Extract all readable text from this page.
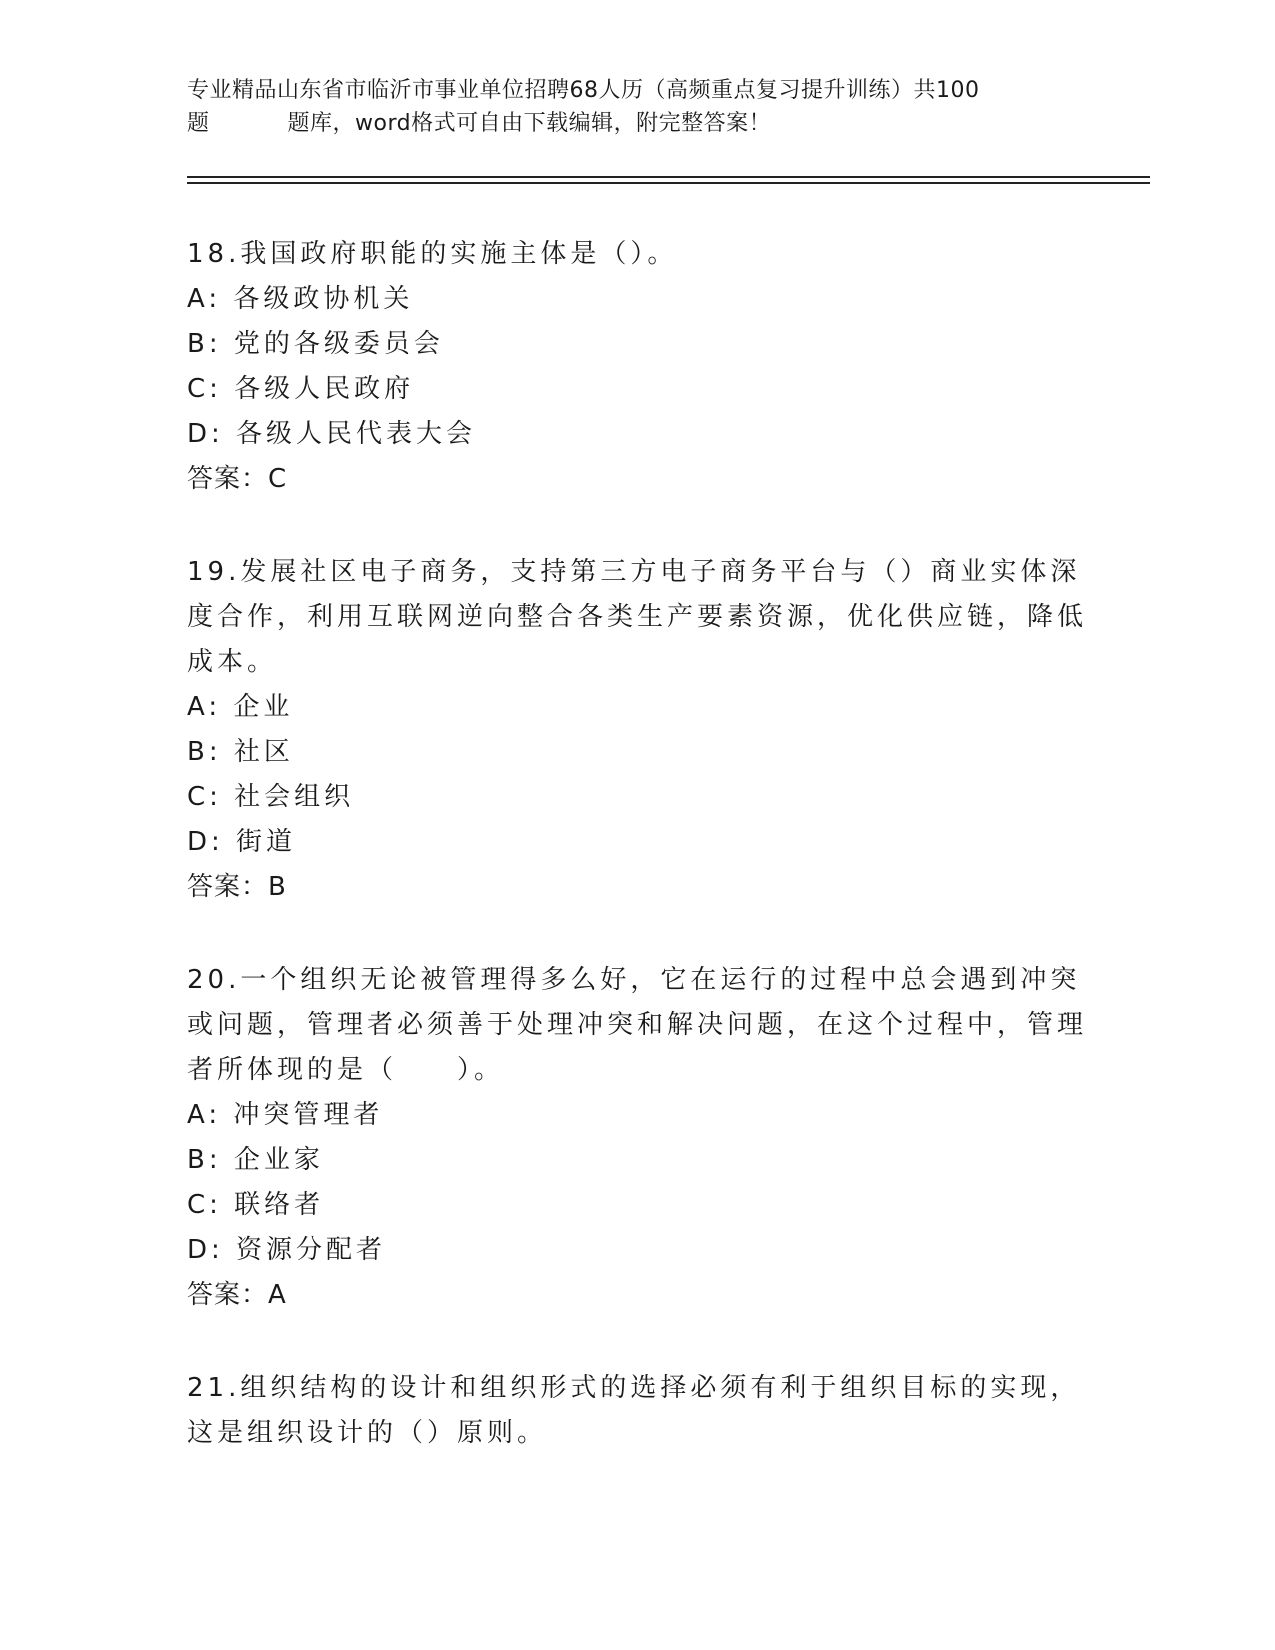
专业精品山东省市临沂市事业单位招聘68人历（高频重点复习提升训练）共100
题	题库，word格式可自由下载编辑，附完整答案！
18.我国政府职能的实施主体是（）。
A: 各级政协机关
B: 党的各级委员会
C: 各级人民政府
D: 各级人民代表大会
答案：C
19.发展社区电子商务，支持第三方电子商务平台与（）商业实体深度合作，利用互联网逆向整合各类生产要素资源，优化供应链，降低成本。
A: 企业
B: 社区
C: 社会组织
D: 街道
答案：B
20.一个组织无论被管理得多么好，它在运行的过程中总会遇到冲突或问题，管理者必须善于处理冲突和解决问题，在这个过程中，管理者所体现的是（　　）。
A: 冲突管理者
B: 企业家
C: 联络者
D: 资源分配者
答案：A
21.组织结构的设计和组织形式的选择必须有利于组织目标的实现，这是组织设计的（）原则。
